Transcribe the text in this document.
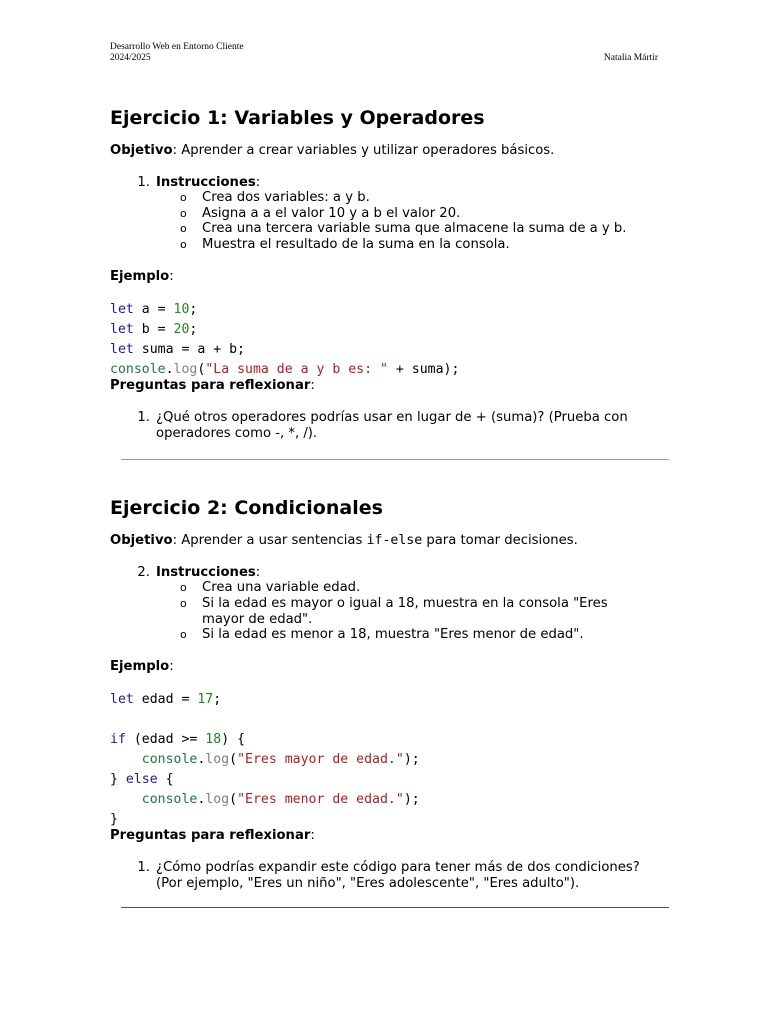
Desarrollo Web en Entorno Cliente
2024/2025	Natalia Mártir
Ejercicio 1: Variables y Operadores

Objetivo: Aprender a crear variables y utilizar operadores básicos.

1. Instrucciones:
o Crea dos variables: a y b.
o Asigna a a el valor 10 y a b el valor 20.
o Crea una tercera variable suma que almacene la suma de a y b.
o Muestra el resultado de la suma en la consola.

Ejemplo:

let a = 10;
let b = 20;
let suma = a + b;
console.log("La suma de a y b es: " + suma);

Preguntas para reflexionar:

1. ¿Qué otros operadores podrías usar en lugar de + (suma)? (Prueba con operadores como -, *, /).
Ejercicio 2: Condicionales

Objetivo: Aprender a usar sentencias if-else para tomar decisiones.

2. Instrucciones:
o Crea una variable edad.
o Si la edad es mayor o igual a 18, muestra en la consola "Eres mayor de edad".
o Si la edad es menor a 18, muestra "Eres menor de edad".

Ejemplo:

let edad = 17;
if (edad >= 18) {
console.log("Eres mayor de edad.");
} else {
console.log("Eres menor de edad.");
}

Preguntas para reflexionar:

1. ¿Cómo podrías expandir este código para tener más de dos condiciones? (Por ejemplo, "Eres un niño", "Eres adolescente", "Eres adulto").
